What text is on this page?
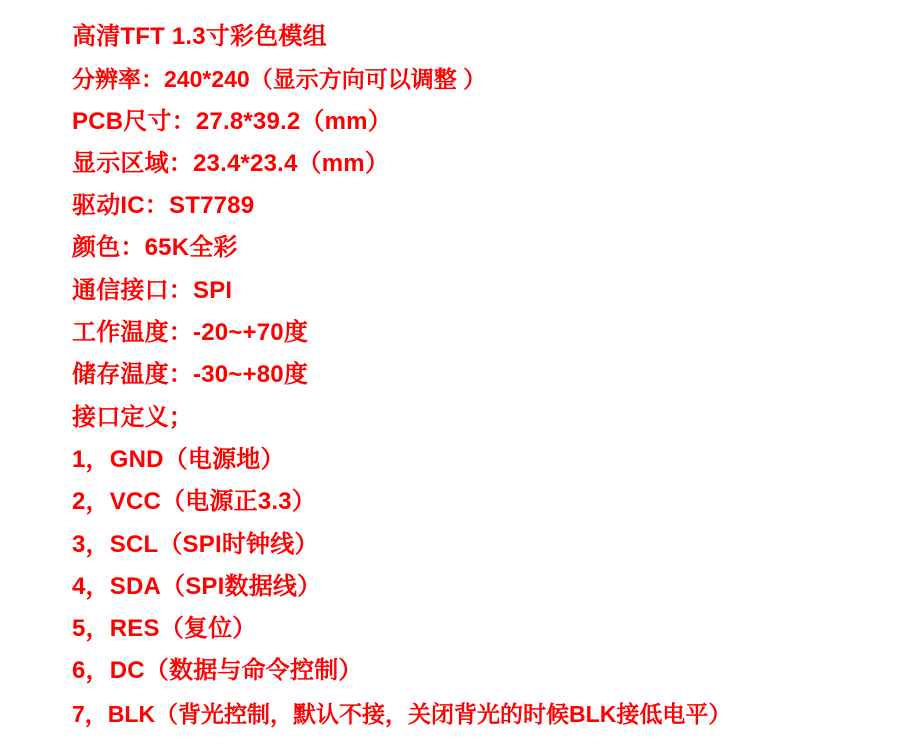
高清TFT 1.3寸彩色模组
分辨率：240*240（显示方向可以调整 ）
PCB尺寸：27.8*39.2（mm）
显示区域：23.4*23.4（mm）
驱动IC：ST7789
颜色：65K全彩
通信接口：SPI
工作温度：-20~+70度
储存温度：-30~+80度
接口定义；
1，GND（电源地）
2，VCC（电源正3.3）
3，SCL（SPI时钟线）
4，SDA（SPI数据线）
5，RES（复位）
6，DC（数据与命令控制）
7，BLK（背光控制，默认不接，关闭背光的时候BLK接低电平）
